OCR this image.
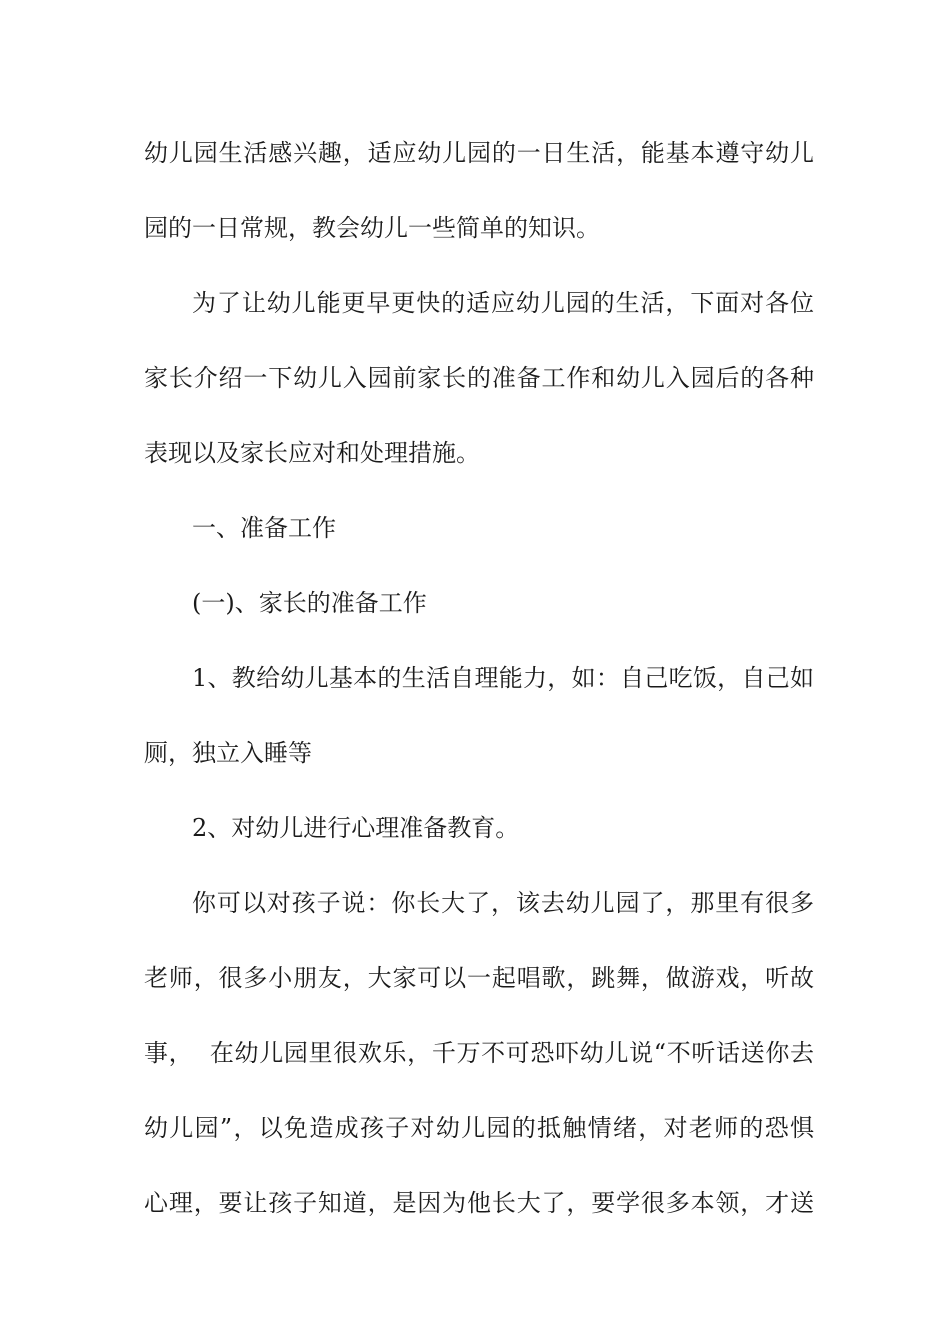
幼儿园生活感兴趣，适应幼儿园的一日生活，能基本遵守幼儿
园的一日常规，教会幼儿一些简单的知识。
为了让幼儿能更早更快的适应幼儿园的生活，下面对各位
家长介绍一下幼儿入园前家长的准备工作和幼儿入园后的各种
表现以及家长应对和处理措施。
一、准备工作
(一)、家长的准备工作
1、教给幼儿基本的生活自理能力，如：自己吃饭，自己如
厕，独立入睡等
2、对幼儿进行心理准备教育。
你可以对孩子说：你长大了，该去幼儿园了，那里有很多
老师，很多小朋友，大家可以一起唱歌，跳舞，做游戏，听故
事，  在幼儿园里很欢乐，千万不可恐吓幼儿说“不听话送你去
幼儿园”，以免造成孩子对幼儿园的抵触情绪，对老师的恐惧
心理，要让孩子知道，是因为他长大了，要学很多本领，才送
